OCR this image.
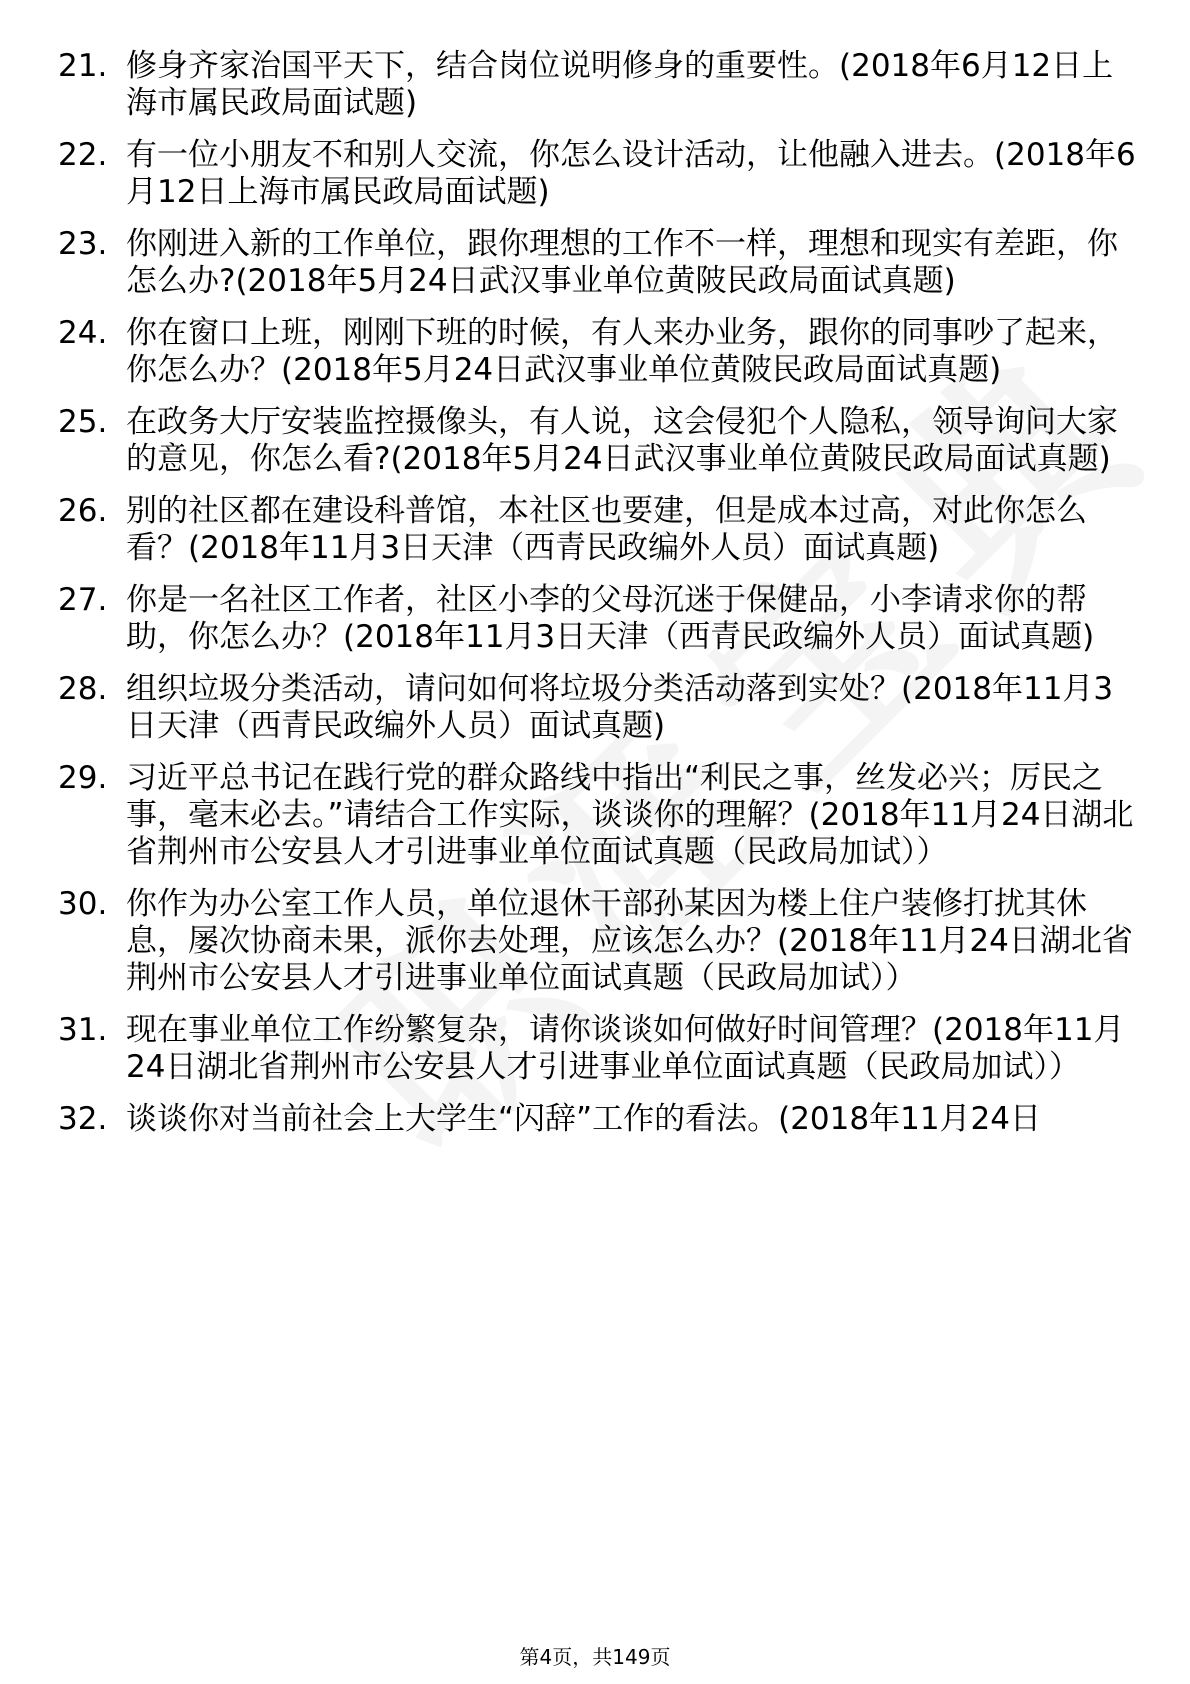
21. 修身齐家治国平天下，结合岗位说明修身的重要性。(2018年6月12日上海市属民政局面试题)
22. 有一位小朋友不和别人交流，你怎么设计活动，让他融入进去。(2018年6月12日上海市属民政局面试题)
23. 你刚进入新的工作单位，跟你理想的工作不一样，理想和现实有差距，你怎么办?(2018年5月24日武汉事业单位黄陂民政局面试真题)
24. 你在窗口上班，刚刚下班的时候，有人来办业务，跟你的同事吵了起来，你怎么办？(2018年5月24日武汉事业单位黄陂民政局面试真题)
25. 在政务大厅安装监控摄像头，有人说，这会侵犯个人隐私，领导询问大家的意见，你怎么看?(2018年5月24日武汉事业单位黄陂民政局面试真题)
26. 别的社区都在建设科普馆，本社区也要建，但是成本过高，对此你怎么看？(2018年11月3日天津（西青民政编外人员）面试真题)
27. 你是一名社区工作者，社区小李的父母沉迷于保健品，小李请求你的帮助，你怎么办？(2018年11月3日天津（西青民政编外人员）面试真题)
28. 组织垃圾分类活动，请问如何将垃圾分类活动落到实处？(2018年11月3日天津（西青民政编外人员）面试真题)
29. 习近平总书记在践行党的群众路线中指出“利民之事，丝发必兴；厉民之事，毫末必去。”请结合工作实际，谈谈你的理解？(2018年11月24日湖北省荆州市公安县人才引进事业单位面试真题（民政局加试））
30. 你作为办公室工作人员，单位退休干部孙某因为楼上住户装修打扰其休息，屡次协商未果，派你去处理，应该怎么办？(2018年11月24日湖北省荆州市公安县人才引进事业单位面试真题（民政局加试））
31. 现在事业单位工作纷繁复杂，请你谈谈如何做好时间管理？(2018年11月24日湖北省荆州市公安县人才引进事业单位面试真题（民政局加试））
32. 谈谈你对当前社会上大学生“闪辞”工作的看法。(2018年11月24日
第4页，共149页
